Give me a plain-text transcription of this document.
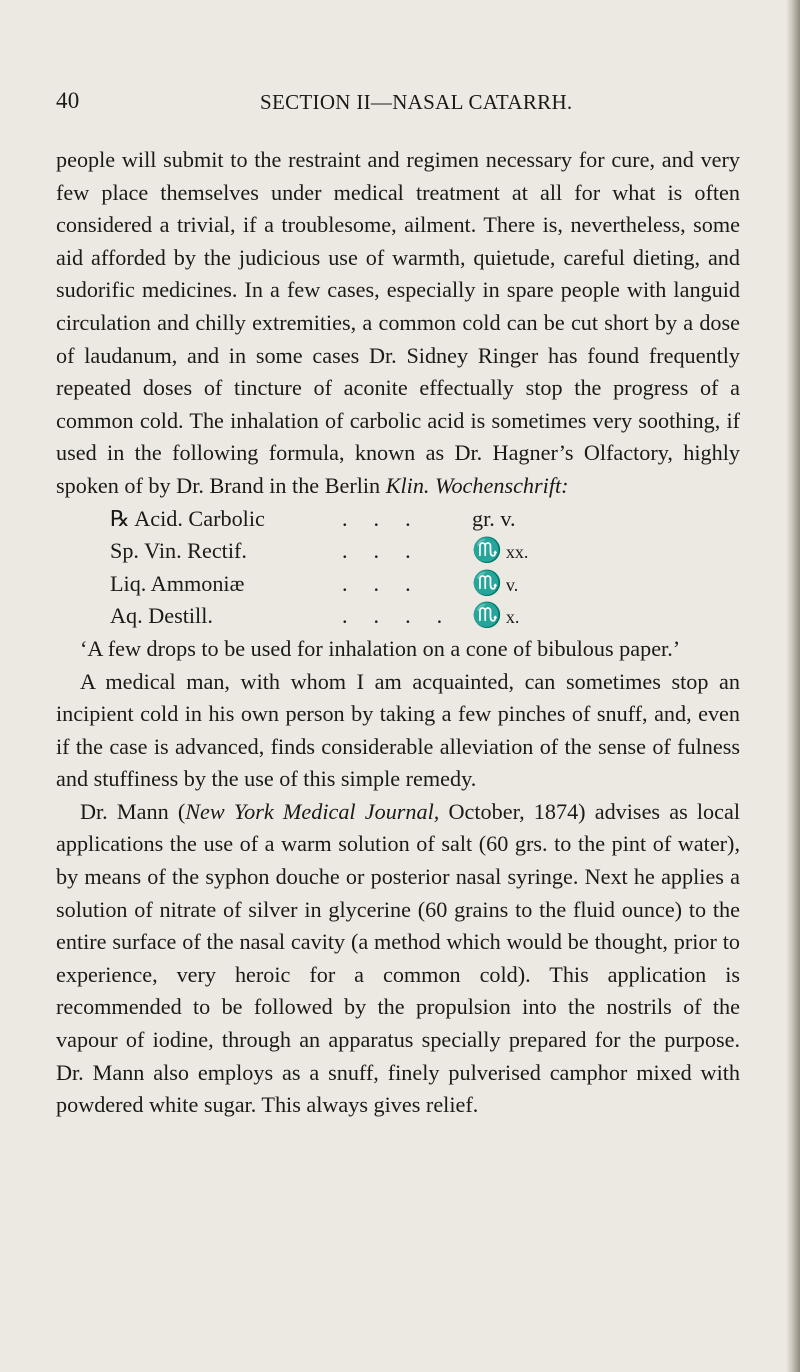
40	SECTION II—NASAL CATARRH.

people will submit to the restraint and regimen necessary for cure, and very few place themselves under medical treatment at all for what is often considered a trivial, if a troublesome, ailment. There is, nevertheless, some aid afforded by the judicious use of warmth, quietude, careful dieting, and sudorific medicines. In a few cases, especially in spare people with languid circulation and chilly extremities, a common cold can be cut short by a dose of laudanum, and in some cases Dr. Sidney Ringer has found frequently repeated doses of tincture of aconite effectually stop the progress of a common cold. The inhalation of carbolic acid is sometimes very soothing, if used in the following formula, known as Dr. Hagner’s Olfactory, highly spoken of by Dr. Brand in the Berlin Klin. Wochenschrift:

℞ Acid. Carbolic	...	gr. v.
Sp. Vin. Rectif.	...	♏ xx.
Liq. Ammoniæ	...	♏ v.
Aq. Destill.	.... ♏ x.

‘A few drops to be used for inhalation on a cone of bibulous paper.’

A medical man, with whom I am acquainted, can sometimes stop an incipient cold in his own person by taking a few pinches of snuff, and, even if the case is advanced, finds considerable alleviation of the sense of fulness and stuffiness by the use of this simple remedy.

Dr. Mann (New York Medical Journal, October, 1874) advises as local applications the use of a warm solution of salt (60 grs. to the pint of water), by means of the syphon douche or posterior nasal syringe. Next he applies a solution of nitrate of silver in glycerine (60 grains to the fluid ounce) to the entire surface of the nasal cavity (a method which would be thought, prior to experience, very heroic for a common cold). This application is recommended to be followed by the propulsion into the nostrils of the vapour of iodine, through an apparatus specially prepared for the purpose. Dr. Mann also employs as a snuff, finely pulverised camphor mixed with powdered white sugar. This always gives relief.
